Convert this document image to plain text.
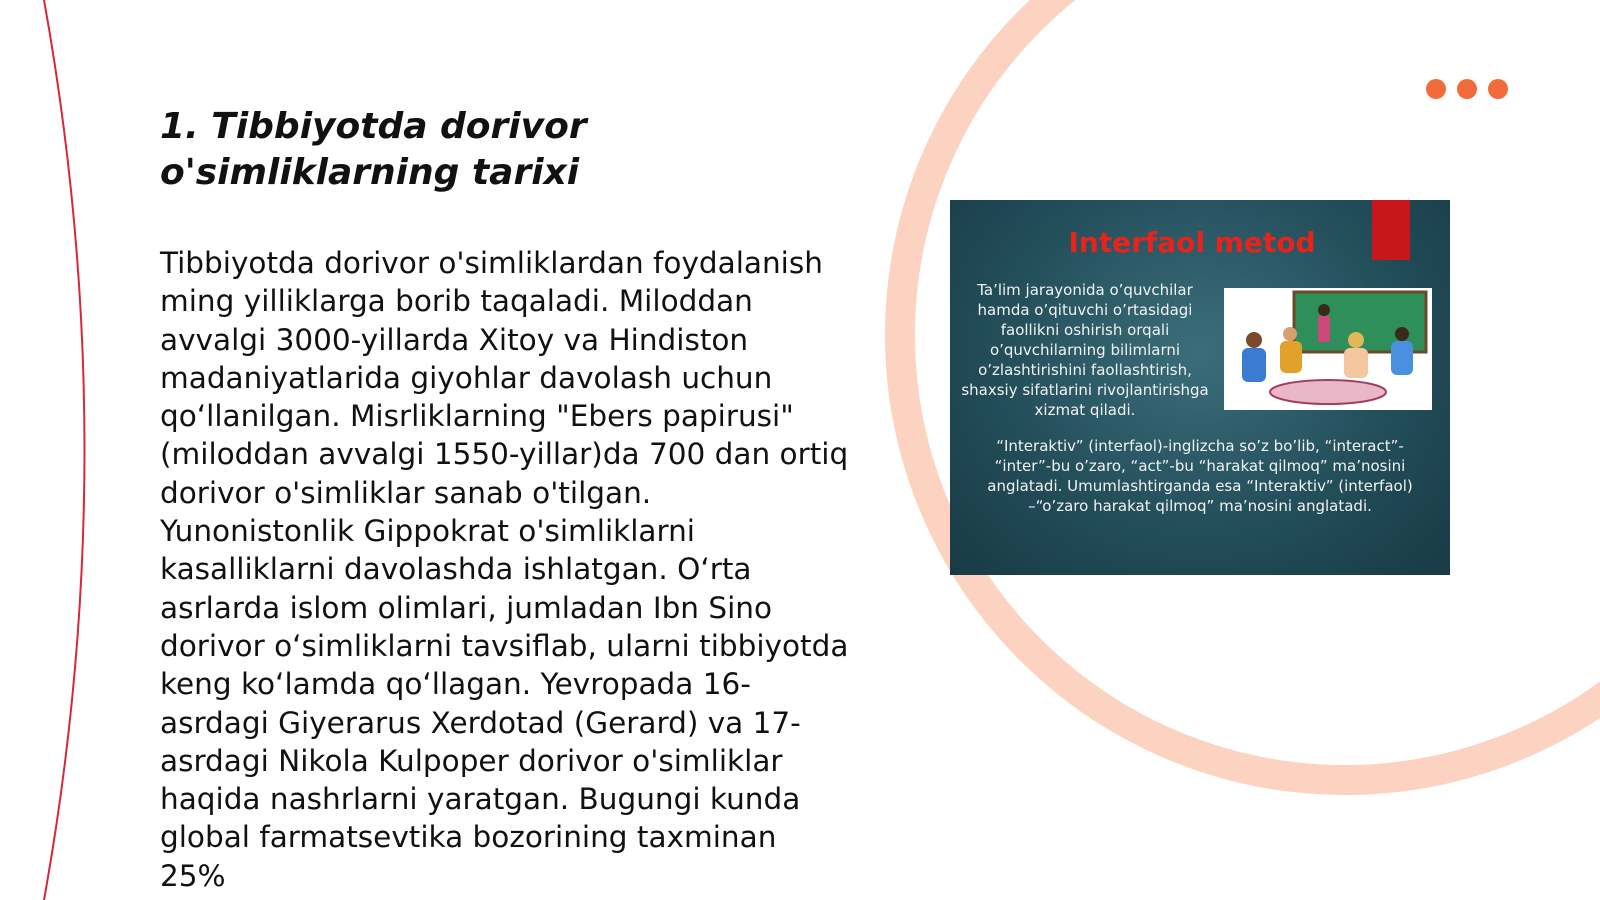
1. Tibbiyotda dorivor o'simliklarning tarixi

Tibbiyotda dorivor o'simliklardan foydalanish ming yilliklarga borib taqaladi. Miloddan avvalgi 3000-yillarda Xitoy va Hindiston madaniyatlarida giyohlar davolash uchun qo‘llanilgan. Misrliklarning "Ebers papirusi" (miloddan avvalgi 1550-yillar)da 700 dan ortiq dorivor o'simliklar sanab o'tilgan. Yunonistonlik Gippokrat o'simliklarni kasalliklarni davolashda ishlatgan. O‘rta asrlarda islom olimlari, jumladan Ibn Sino dorivor o‘simliklarni tavsiflab, ularni tibbiyotda keng ko‘lamda qo‘llagan. Yevropada 16-asrdagi Giyerarus Xerdotad (Gerard) va 17-asrdagi Nikola Kulpoper dorivor o'simliklar haqida nashrlarni yaratgan. Bugungi kunda global farmatsevtika bozorining taxminan 25%

Interfaol metod
Ta’lim jarayonida o’quvchilar hamda o’qituvchi o’rtasidagi faollikni oshirish orqali o’quvchilarning bilimlarni o’zlashtirishini faollashtirish, shaxsiy sifatlarini rivojlantirishga xizmat qiladi.
“Interaktiv” (interfaol)-inglizcha so’z bo’lib, “interact”- “inter”-bu o’zaro, “act”-bu “harakat qilmoq” ma’nosini anglatadi. Umumlashtirganda esa “Interaktiv” (interfaol) –“o’zaro harakat qilmoq” ma’nosini anglatadi.
